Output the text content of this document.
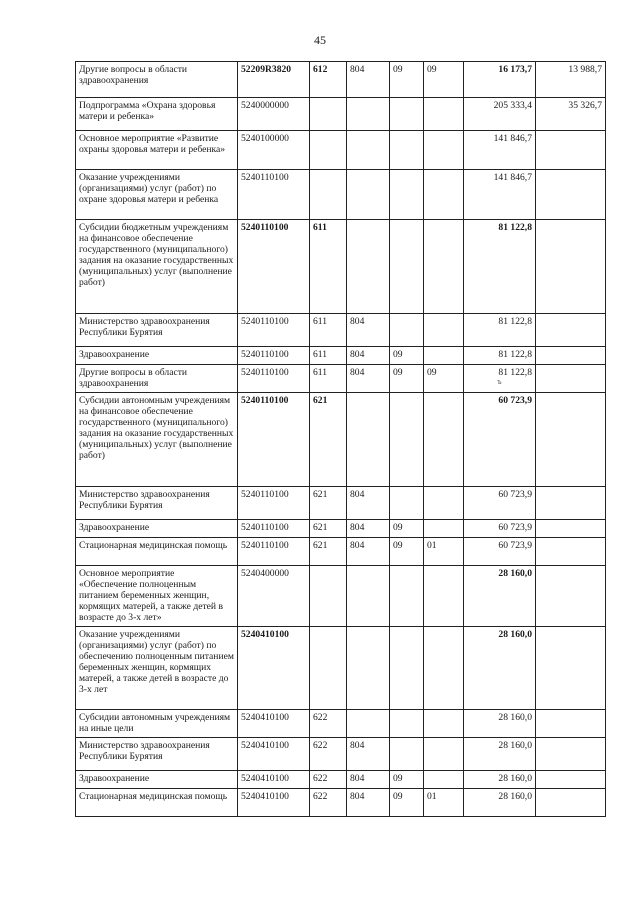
45
Другие вопросы в области здравоохранения	52209R3820	612	804	09	09	16 173,7	13 988,7
Подпрограмма «Охрана здоровья матери и ребенка»	5240000000					205 333,4	35 326,7
Основное мероприятие «Развитие охраны здоровья матери и ребенка»	5240100000					141 846,7	
Оказание учреждениями (организациями) услуг (работ) по охране здоровья матери и ребенка	5240110100					141 846,7	
Субсидии бюджетным учреждениям на финансовое обеспечение государственного (муниципального) задания на оказание государственных (муниципальных) услуг (выполнение работ)	5240110100	611				81 122,8	
Министерство здравоохранения Республики Бурятия	5240110100	611	804			81 122,8	
Здравоохранение	5240110100	611	804	09		81 122,8	
Другие вопросы в области здравоохранения	5240110100	611	804	09	09	81 122,8
ъ	

Субсидии автономным учреждениям на финансовое обеспечение государственного (муниципального) задания на оказание государственных (муниципальных) услуг (выполнение работ)	5240110100	621				60 723,9	
Министерство здравоохранения Республики Бурятия	5240110100	621	804			60 723,9	
Здравоохранение	5240110100	621	804	09		60 723,9	
Стационарная медицинская помощь	5240110100	621	804	09	01	60 723,9	
Основное мероприятие «Обеспечение полноценным питанием беременных женщин, кормящих матерей, а также детей в возрасте до 3-х лет»	5240400000					28 160,0	
Оказание учреждениями (организациями) услуг (работ) по обеспечению полноценным питанием беременных женщин, кормящих матерей, а также детей в возрасте до 3-х лет	5240410100					28 160,0	
Субсидии автономным учреждениям на иные цели	5240410100	622				28 160,0	
Министерство здравоохранения Республики Бурятия	5240410100	622	804			28 160,0	
Здравоохранение	5240410100	622	804	09		28 160,0	
Стационарная медицинская помощь	5240410100	622	804	09	01	28 160,0	
